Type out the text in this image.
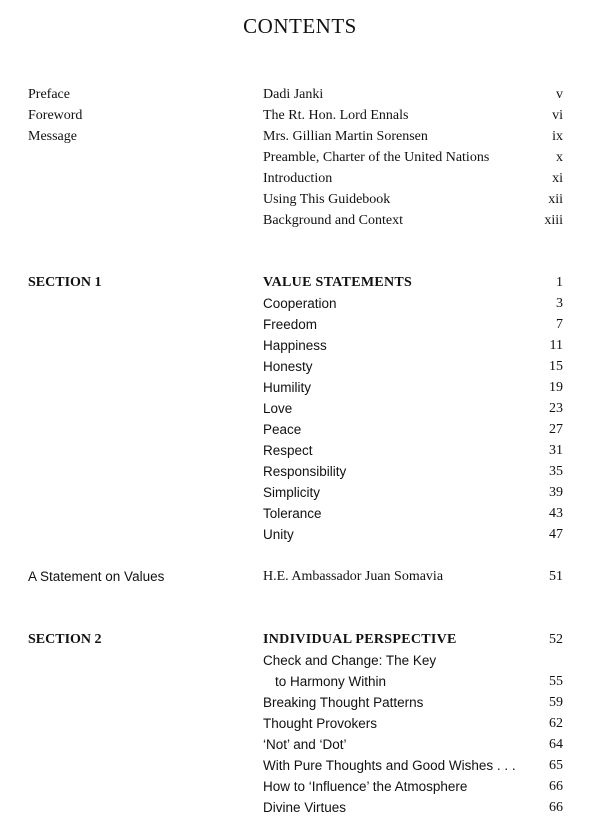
CONTENTS
Preface	Dadi Janki	v
Foreword	The Rt. Hon. Lord Ennals	vi
Message	Mrs. Gillian Martin Sorensen	ix
Preamble, Charter of the United Nations	x
Introduction	xi
Using This Guidebook	xii
Background and Context	xiii
SECTION 1	VALUE STATEMENTS	1
Cooperation	3
Freedom	7
Happiness	11
Honesty	15
Humility	19
Love	23
Peace	27
Respect	31
Responsibility	35
Simplicity	39
Tolerance	43
Unity	47
A Statement on Values	H.E. Ambassador Juan Somavia	51
SECTION 2	INDIVIDUAL PERSPECTIVE	52
Check and Change: The Key
to Harmony Within	55
Breaking Thought Patterns	59
Thought Provokers	62
‘Not’ and ‘Dot’	64
With Pure Thoughts and Good Wishes . . . 65
How to ‘Influence’ the Atmosphere	66
Divine Virtues	66
